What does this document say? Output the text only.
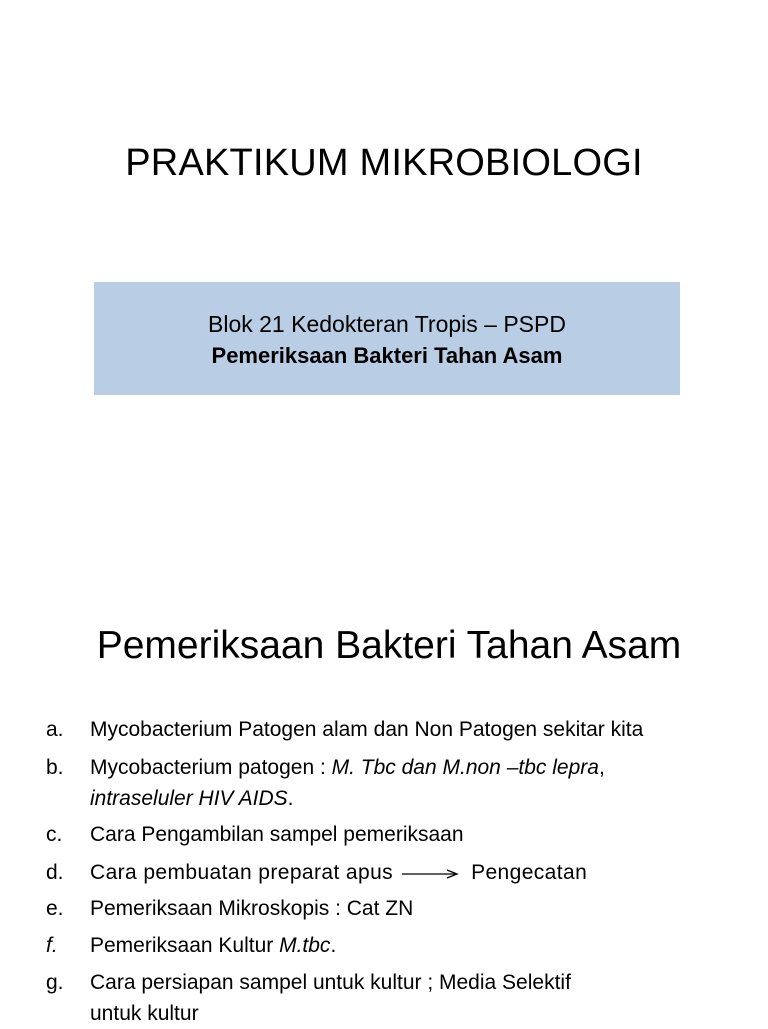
PRAKTIKUM MIKROBIOLOGI
Blok 21 Kedokteran Tropis – PSPD
Pemeriksaan Bakteri Tahan Asam
Pemeriksaan Bakteri Tahan Asam
a. Mycobacterium Patogen alam dan Non Patogen sekitar kita
b. Mycobacterium patogen : M. Tbc dan M.non –tbc lepra,
intraseluler HIV AIDS.
c. Cara Pengambilan sampel pemeriksaan
d. Cara pembuatan preparat apus	Pengecatan
e. Pemeriksaan Mikroskopis : Cat ZN
f. Pemeriksaan Kultur M.tbc.
g. Cara persiapan sampel untuk kultur ; Media Selektif
untuk kultur
